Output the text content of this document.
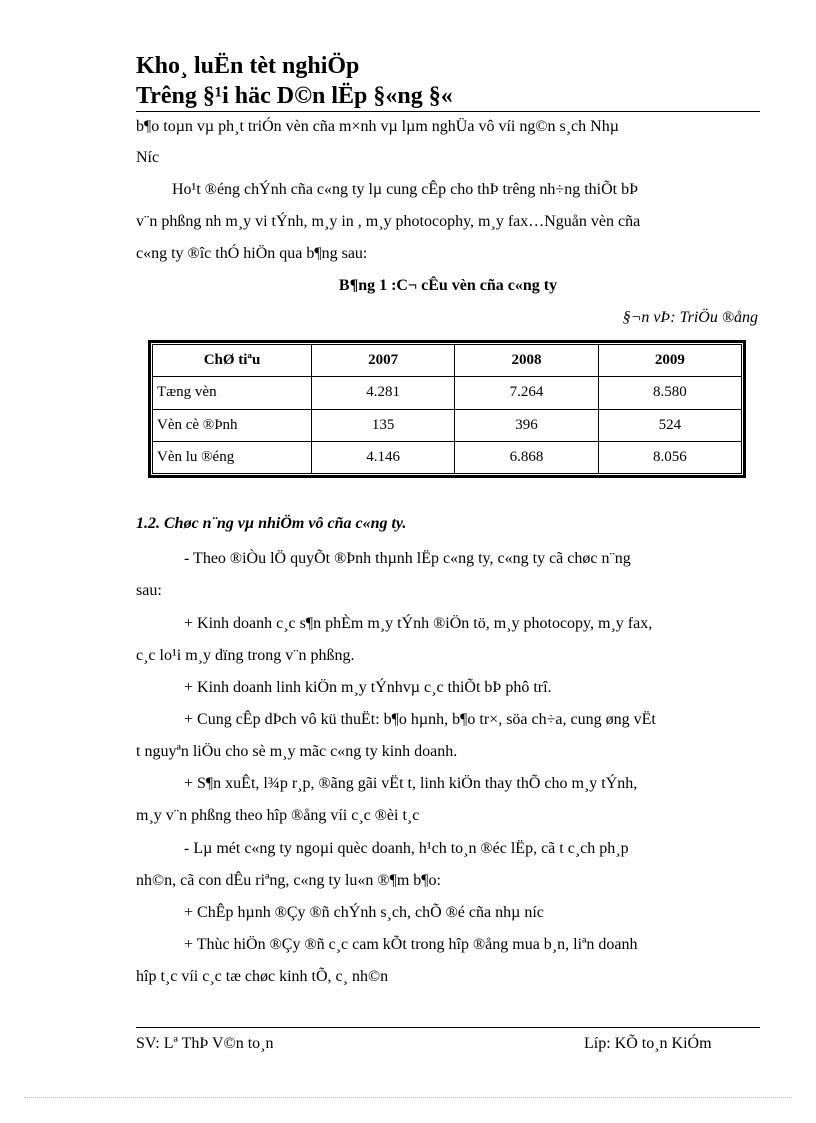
Kho¸ luËn tèt nghiÖp
Trêng §¹i häc D©n lËp §«ng §«
b¶o toµn vµ ph¸t triÓn vèn cña m×nh vµ lµm nghÜa vô víi ng©n s¸ch Nhµ
Níc
Ho¹t ®éng chÝnh cña c«ng ty lµ cung cÊp cho thÞ trêng nh÷ng thiÕt bÞ
v¨n phßng nh m¸y vi tÝnh, m¸y in , m¸y photocophy, m¸y fax…Nguån vèn cña
c«ng ty ®îc thÓ hiÖn qua b¶ng sau:
B¶ng 1 :C¬ cÊu vèn cña c«ng ty
§¬n vÞ: TriÖu ®ång
ChØ tiªu	2007	2008	2009
Tæng vèn	4.281	7.264	8.580
Vèn cè ®Þnh	135	396	524
Vèn lu ®éng	4.146	6.868	8.056
1.2. Chøc n¨ng vµ nhiÖm vô cña c«ng ty.
- Theo ®iÒu lÖ quyÕt ®Þnh thµnh lËp c«ng ty, c«ng ty cã chøc n¨ng
sau:
+ Kinh doanh c¸c s¶n phÈm m¸y tÝnh ®iÖn tö, m¸y photocopy, m¸y fax,
c¸c lo¹i m¸y dïng trong v¨n phßng.
+ Kinh doanh linh kiÖn m¸y tÝnhvµ c¸c thiÕt bÞ phô trî.
+ Cung cÊp dÞch vô kü thuËt: b¶o hµnh, b¶o tr×, söa ch÷a, cung øng vËt
t nguyªn liÖu cho sè m¸y mãc c«ng ty kinh doanh.
+ S¶n xuÊt, l¾p r¸p, ®ãng gãi vËt t, linh kiÖn thay thÕ cho m¸y tÝnh,
m¸y v¨n phßng theo hîp ®ång víi c¸c ®èi t¸c
- Lµ mét c«ng ty ngoµi quèc doanh, h¹ch to¸n ®éc lËp, cã t c¸ch ph¸p
nh©n, cã con dÊu riªng, c«ng ty lu«n ®¶m b¶o:
+ ChÊp hµnh ®Çy ®ñ chÝnh s¸ch, chÕ ®é cña nhµ níc
+ Thùc hiÖn ®Çy ®ñ c¸c cam kÕt trong hîp ®ång mua b¸n, liªn doanh
hîp t¸c víi c¸c tæ chøc kinh tÕ, c¸ nh©n
SV: Lª ThÞ V©n to¸n	Líp: KÕ to¸n KiÓm
